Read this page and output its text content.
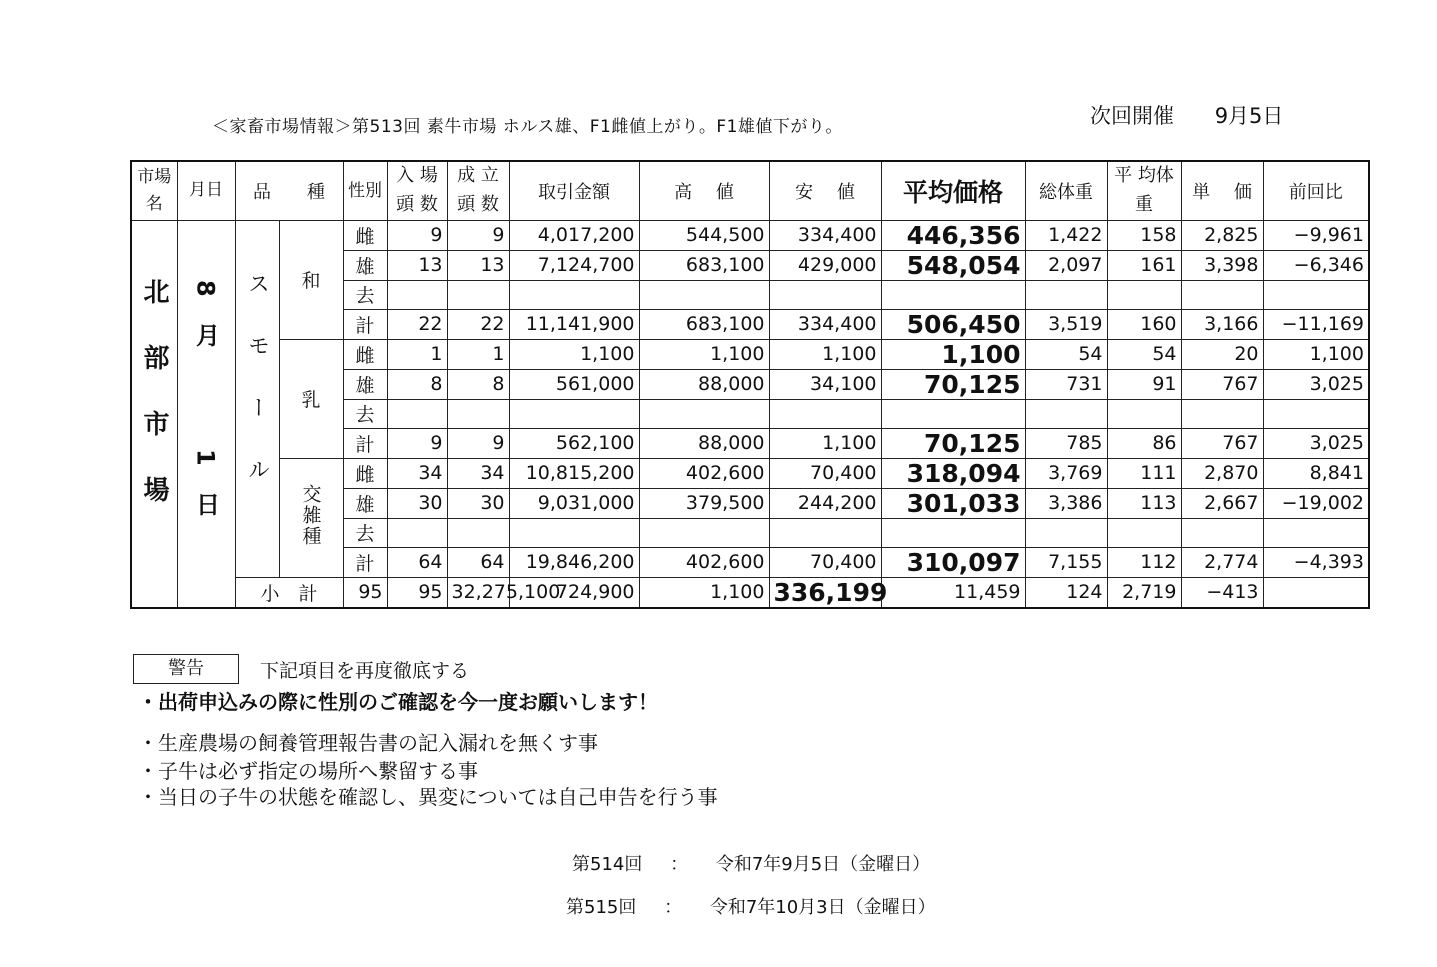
＜家畜市場情報＞第513回 素牛市場 ホルス雄、F1雌値上がり。F1雄値下がり。	次回開催 9月5日
市場名	月日	品　　種		性別	入 場頭 数	成 立頭 数	取引金額	高　 値	安　 値	平均価格	総体重	平 均体 重	単　 価	前回比
北部市場	8月
1日	スモール	和	雌	9	9	4,017,200	544,500	334,400	446,356	1,422	158	2,825	−9,961
				雄	13	13	7,124,700	683,100	429,000	548,054	2,097	161	3,398	−6,346
				去										
				計	22	22	11,141,900	683,100	334,400	506,450	3,519	160	3,166	−11,169
			乳	雌	1	1	1,100	1,100	1,100	1,100	54	54	20	1,100
				雄	8	8	561,000	88,000	34,100	70,125	731	91	767	3,025
				去										
				計	9	9	562,100	88,000	1,100	70,125	785	86	767	3,025
			交雑種	雌	34	34	10,815,200	402,600	70,400	318,094	3,769	111	2,870	8,841
				雄	30	30	9,031,000	379,500	244,200	301,033	3,386	113	2,667	−19,002
				去										
				計	64	64	19,846,200	402,600	70,400	310,097	7,155	112	2,774	−4,393
		小　計		95	95	32,275,100	724,900	1,100	336,199	11,459	124	2,719	−413	
警告	下記項目を再度徹底する
・出荷申込みの際に性別のご確認を今一度お願いします！
・生産農場の飼養管理報告書の記入漏れを無くす事
・子牛は必ず指定の場所へ繋留する事
・当日の子牛の状態を確認し、異変については自己申告を行う事
第514回 ： 令和7年9月5日（金曜日）
第515回 ： 令和7年10月3日（金曜日）
